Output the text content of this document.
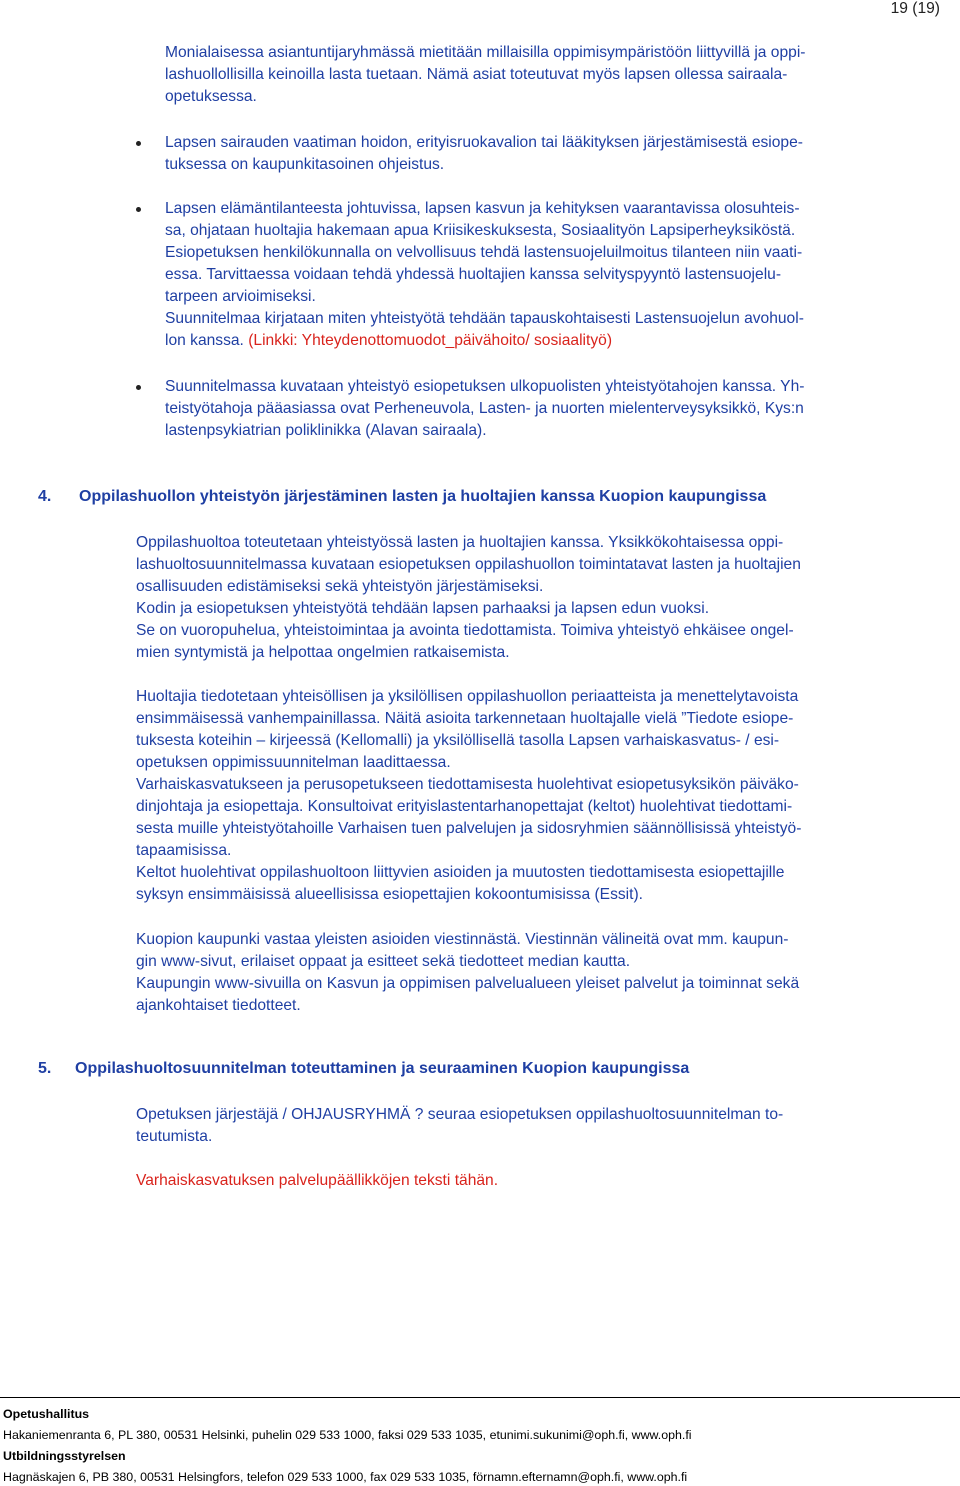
19 (19)
Monialaisessa asiantuntijaryhmässä mietitään millaisilla oppimisympäristöön liittyvillä ja oppi-
lashuollollisilla keinoilla lasta tuetaan. Nämä asiat toteutuvat myös lapsen ollessa sairaala-
opetuksessa.
Lapsen sairauden vaatiman hoidon, erityisruokavalion tai lääkityksen järjestämisestä esiope-
tuksessa on kaupunkitasoinen ohjeistus.
Lapsen elämäntilanteesta johtuvissa, lapsen kasvun ja kehityksen vaarantavissa olosuhteis-
sa, ohjataan huoltajia hakemaan apua Kriisikeskuksesta, Sosiaalityön Lapsiperheyksiköstä.
Esiopetuksen henkilökunnalla on velvollisuus tehdä lastensuojeluilmoitus tilanteen niin vaati-
essa. Tarvittaessa voidaan tehdä yhdessä huoltajien kanssa selvityspyyntö lastensuojelu-
tarpeen arvioimiseksi.
Suunnitelmaa kirjataan miten yhteistyötä tehdään tapauskohtaisesti Lastensuojelun avohuol-
lon kanssa. (Linkki: Yhteydenottomuodot_päivähoito/ sosiaalityö)
Suunnitelmassa kuvataan yhteistyö esiopetuksen ulkopuolisten yhteistyötahojen kanssa. Yh-
teistyötahoja pääasiassa ovat Perheneuvola, Lasten- ja nuorten mielenterveysyksikkö, Kys:n
lastenpsykiatrian poliklinikka (Alavan sairaala).
4. Oppilashuollon yhteistyön järjestäminen lasten ja huoltajien kanssa Kuopion kaupungissa
Oppilashuoltoa toteutetaan yhteistyössä lasten ja huoltajien kanssa. Yksikkökohtaisessa oppi-
lashuoltosuunnitelmassa kuvataan esiopetuksen oppilashuollon toimintatavat lasten ja huoltajien
osallisuuden edistämiseksi sekä yhteistyön järjestämiseksi.
Kodin ja esiopetuksen yhteistyötä tehdään lapsen parhaaksi ja lapsen edun vuoksi.
Se on vuoropuhelua, yhteistoimintaa ja avointa tiedottamista. Toimiva yhteistyö ehkäisee ongel-
mien syntymistä ja helpottaa ongelmien ratkaisemista.
Huoltajia tiedotetaan yhteisöllisen ja yksilöllisen oppilashuollon periaatteista ja menettelytavoista
ensimmäisessä vanhempainillassa. Näitä asioita tarkennetaan huoltajalle vielä ”Tiedote esiope-
tuksesta koteihin – kirjeessä (Kellomalli) ja yksilöllisellä tasolla Lapsen varhaiskasvatus- / esi-
opetuksen oppimissuunnitelman laadittaessa.
Varhaiskasvatukseen ja perusopetukseen tiedottamisesta huolehtivat esiopetusyksikön päiväko-
dinjohtaja ja esiopettaja. Konsultoivat erityislastentarhanopettajat (keltot) huolehtivat tiedottami-
sesta muille yhteistyötahoille Varhaisen tuen palvelujen ja sidosryhmien säännöllisissä yhteistyö-
tapaamisissa.
Keltot huolehtivat oppilashuoltoon liittyvien asioiden ja muutosten tiedottamisesta esiopettajille
syksyn ensimmäisissä alueellisissa esiopettajien kokoontumisissa (Essit).
Kuopion kaupunki vastaa yleisten asioiden viestinnästä. Viestinnän välineitä ovat mm. kaupun-
gin www-sivut, erilaiset oppaat ja esitteet sekä tiedotteet median kautta.
Kaupungin www-sivuilla on Kasvun ja oppimisen palvelualueen yleiset palvelut ja toiminnat sekä
ajankohtaiset tiedotteet.
5. Oppilashuoltosuunnitelman toteuttaminen ja seuraaminen Kuopion kaupungissa
Opetuksen järjestäjä / OHJAUSRYHMÄ ? seuraa esiopetuksen oppilashuoltosuunnitelman to-
teutumista.
Varhaiskasvatuksen palvelupäällikköjen teksti tähän.
Opetushallitus
Hakaniemenranta 6, PL 380, 00531 Helsinki, puhelin 029 533 1000, faksi 029 533 1035, etunimi.sukunimi@oph.fi, www.oph.fi
Utbildningsstyrelsen
Hagnäskajen 6, PB 380, 00531 Helsingfors, telefon 029 533 1000, fax 029 533 1035, förnamn.efternamn@oph.fi, www.oph.fi
